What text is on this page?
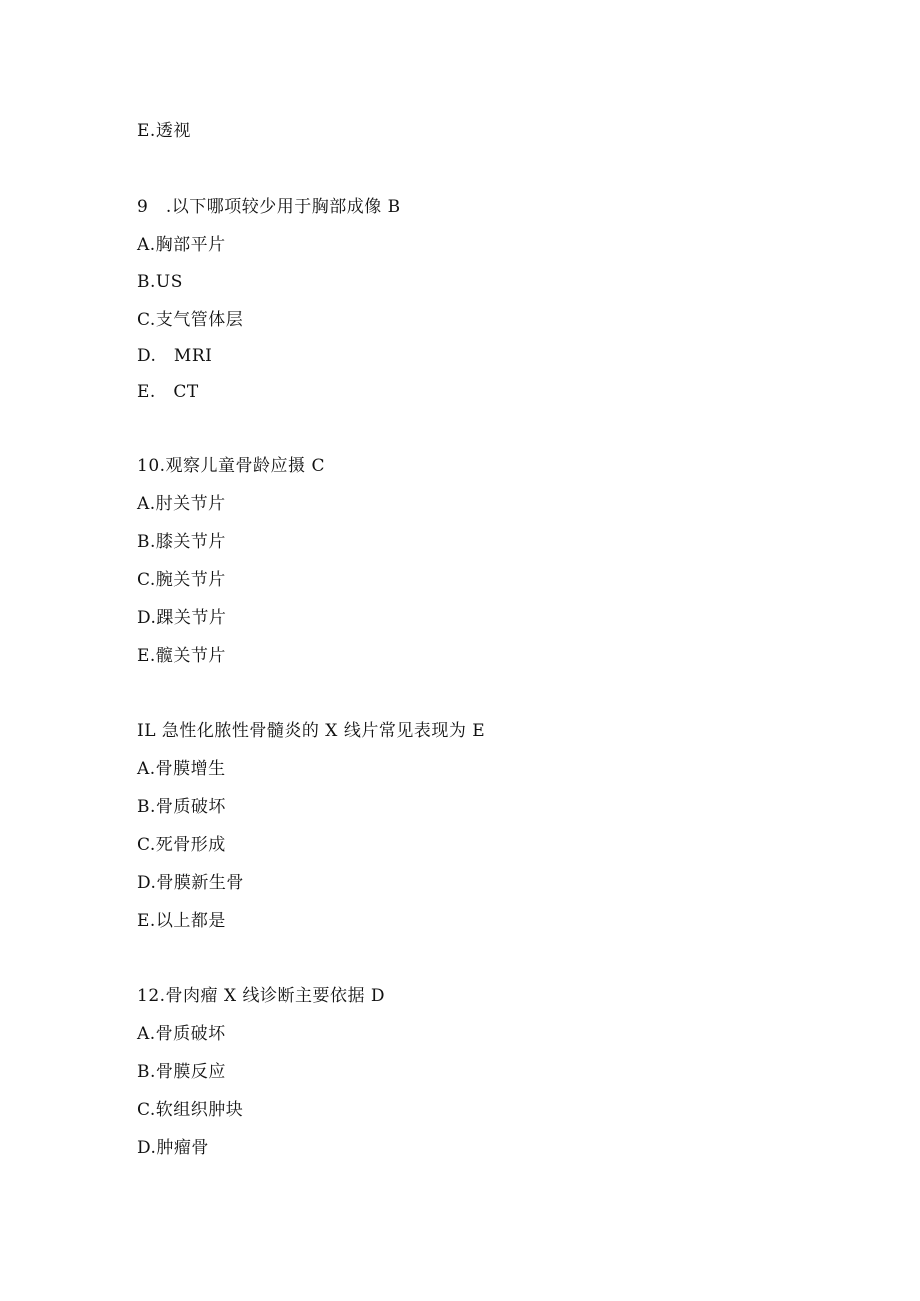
E.透视
9　.以下哪项较少用于胸部成像 B
A.胸部平片
B.US
C.支气管体层
D.　MRI
E.　CT
10.观察儿童骨龄应摄 C
A.肘关节片
B.膝关节片
C.腕关节片
D.踝关节片
E.髋关节片
IL 急性化脓性骨髓炎的 X 线片常见表现为 E
A.骨膜增生
B.骨质破坏
C.死骨形成
D.骨膜新生骨
E.以上都是
12.骨肉瘤 X 线诊断主要依据 D
A.骨质破坏
B.骨膜反应
C.软组织肿块
D.肿瘤骨
